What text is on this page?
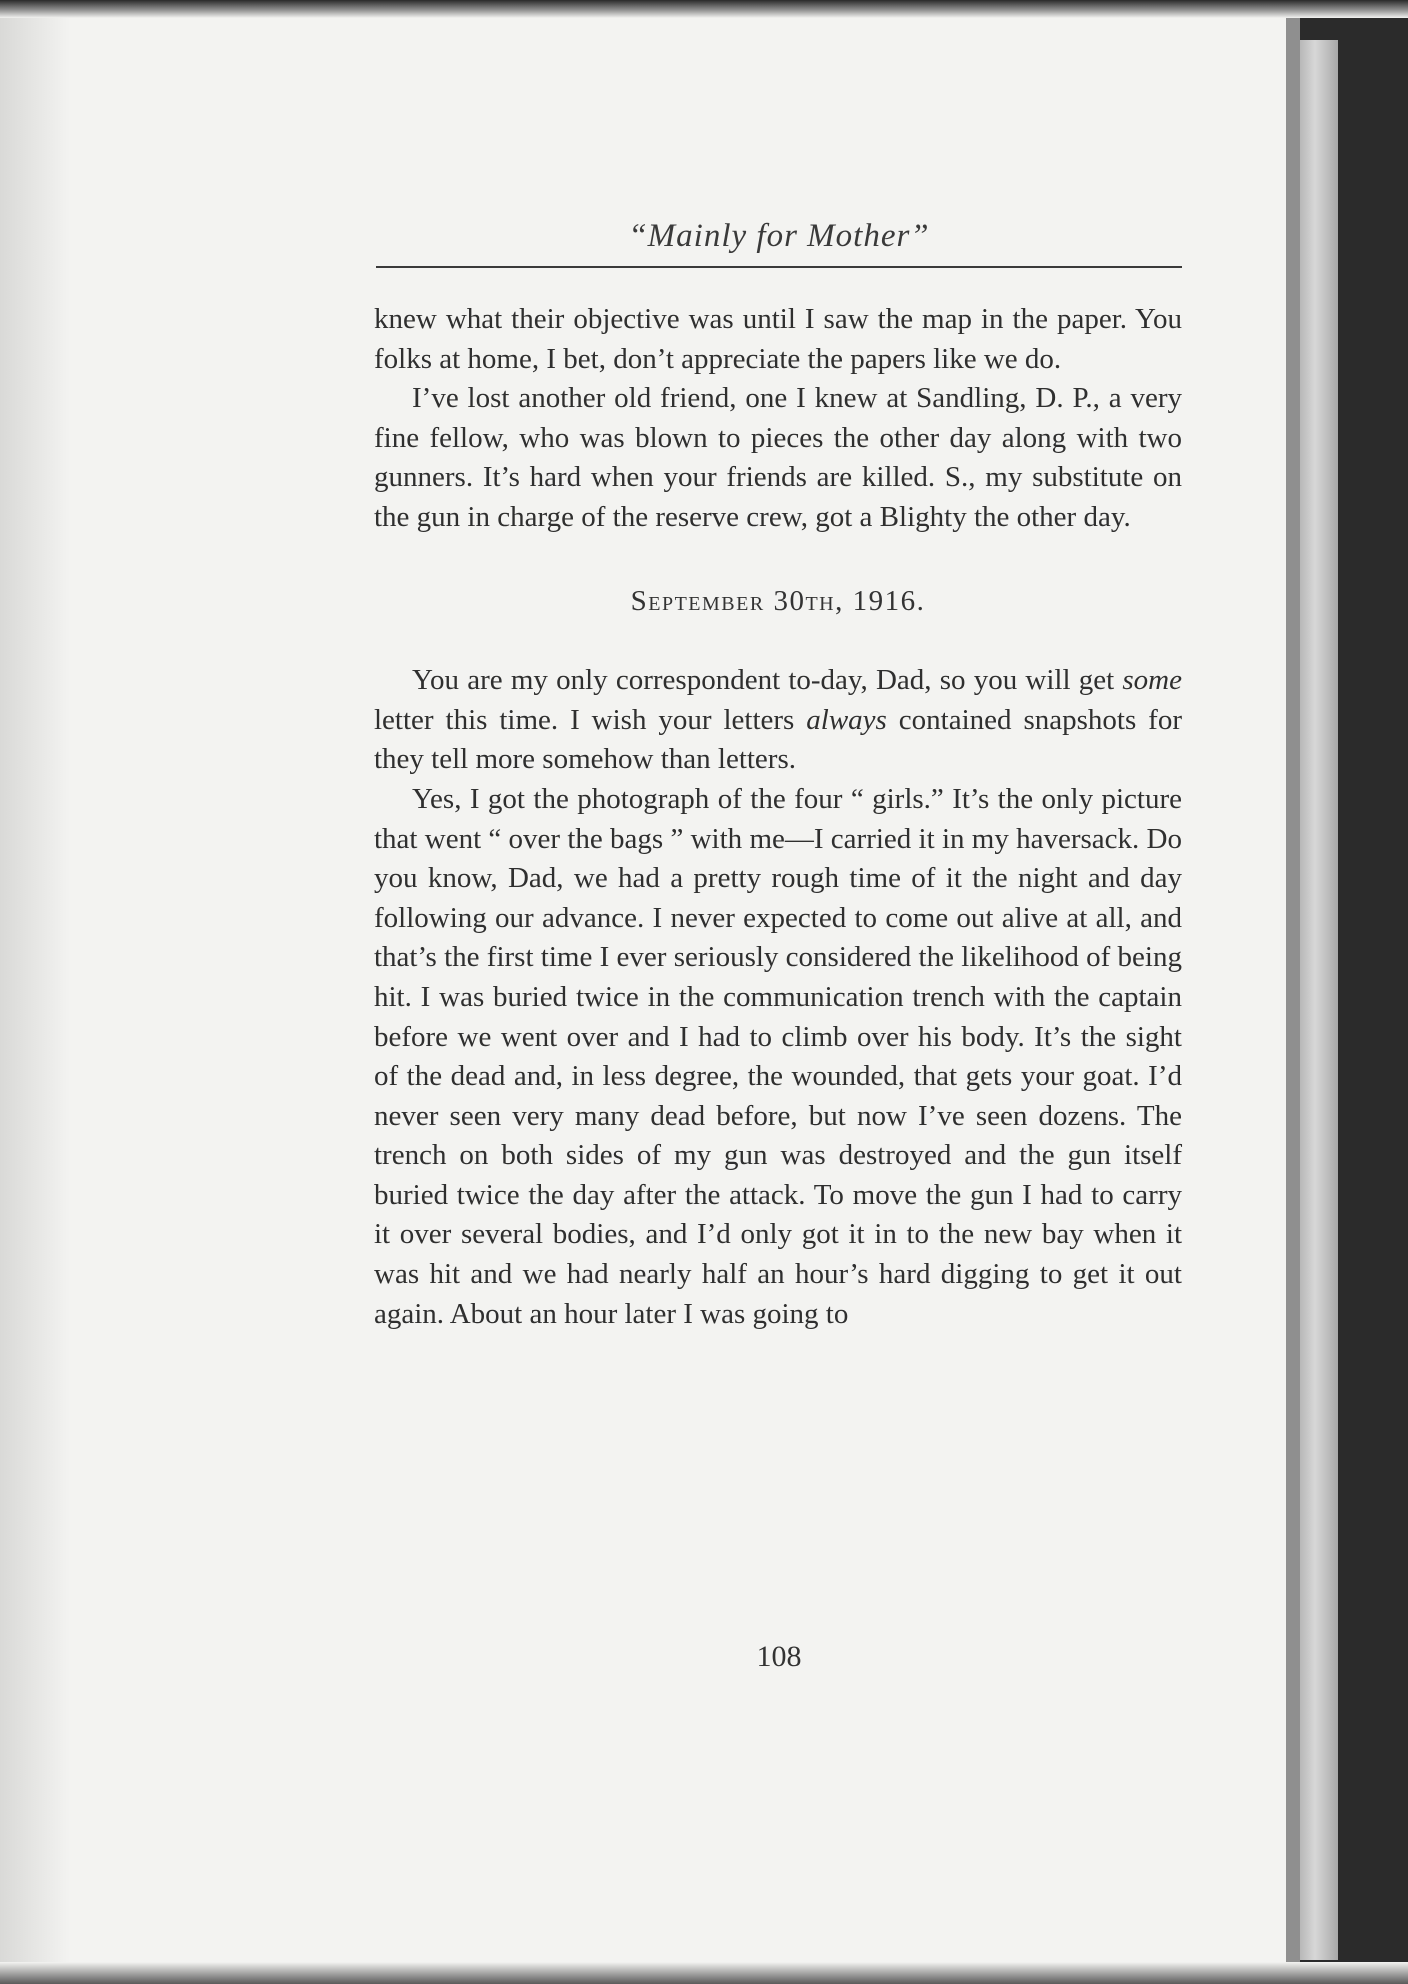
“Mainly for Mother”

knew what their objective was until I saw the map in the paper. You folks at home, I bet, don’t appreciate the papers like we do.

I’ve lost another old friend, one I knew at Sandling, D. P., a very fine fellow, who was blown to pieces the other day along with two gunners. It’s hard when your friends are killed. S., my substitute on the gun in charge of the reserve crew, got a Blighty the other day.

September 30th, 1916.

You are my only correspondent to-day, Dad, so you will get some letter this time. I wish your letters always contained snapshots for they tell more somehow than letters.

Yes, I got the photograph of the four “ girls.” It’s the only picture that went “ over the bags ” with me—I carried it in my haversack. Do you know, Dad, we had a pretty rough time of it the night and day following our advance. I never expected to come out alive at all, and that’s the first time I ever seriously considered the likelihood of being hit. I was buried twice in the communication trench with the captain before we went over and I had to climb over his body. It’s the sight of the dead and, in less degree, the wounded, that gets your goat. I’d never seen very many dead before, but now I’ve seen dozens. The trench on both sides of my gun was destroyed and the gun itself buried twice the day after the attack. To move the gun I had to carry it over several bodies, and I’d only got it in to the new bay when it was hit and we had nearly half an hour’s hard digging to get it out again. About an hour later I was going to

108
